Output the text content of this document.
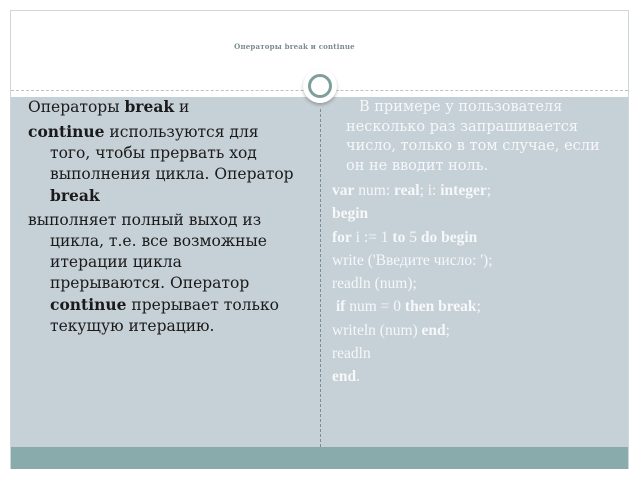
Операторы break и continue

Операторы break и

continue используются для того, чтобы прервать ход выполнения цикла. Оператор break

выполняет полный выход из цикла, т.е. все возможные итерации цикла прерываются. Оператор continue прерывает только текущую итерацию.

В примере у пользователя несколько раз запрашивается число, только в том случае, если он не вводит ноль.

var num: real; i: integer;
begin
for i := 1 to 5 do begin
write ('Введите число: ');
readln (num);
if num = 0 then break;
writeln (num) end;
readln
end.
